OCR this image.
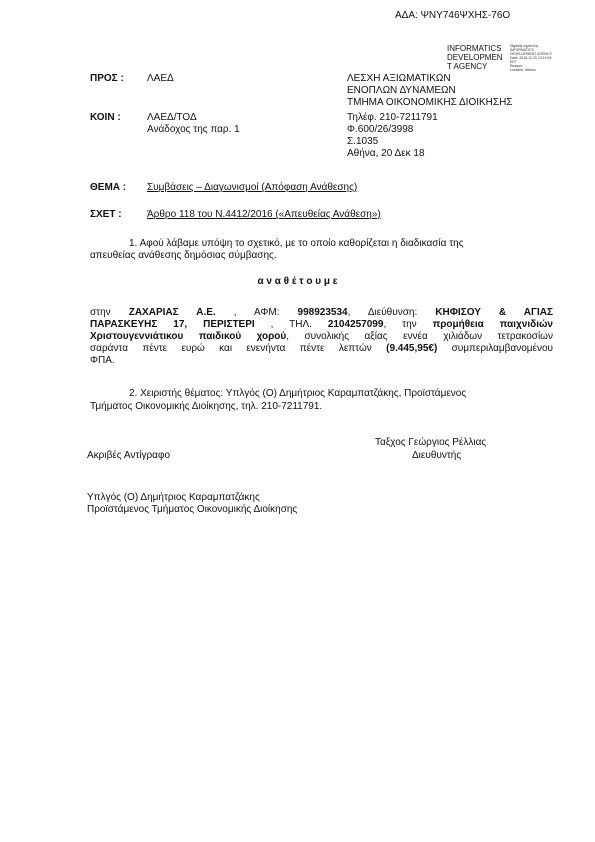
ΑΔΑ: ΨΝΥ746ΨΧΗΣ-76Ο
INFORMATICS
DEVELOPMEN
T AGENCY
Digitally signed by
INFORMATICS
DEVELOPMENT AGENCY
Date: 2018.12.20 13:19:39
EET
Reason:
Location: Athens
ΠΡΟΣ : ΛΑΕΔ	ΛΕΣΧΗ ΑΞΙΩΜΑΤΙΚΩΝ
ΕΝΟΠΛΩΝ ΔΥΝΑΜΕΩΝ
ΤΜΗΜΑ ΟΙΚΟΝΟΜΙΚΗΣ ΔΙΟΙΚΗΣΗΣ
ΚΟΙΝ :	ΛΑΕΔ/ΤΟΔ
Ανάδοχος της παρ. 1
Τηλέφ. 210-7211791
Φ.600/26/3998
Σ.1035
Αθήνα, 20 Δεκ 18
ΘΕΜΑ : Συμβάσεις – Διαγωνισμοί (Απόφαση Ανάθεσης)
ΣΧΕΤ :	Άρθρο 118 του Ν.4412/2016 («Απευθείας Ανάθεση»)
1. Αφού λάβαμε υπόψη το σχετικό, με το οποίο καθορίζεται η διαδικασία της
απευθείας ανάθεσης δημόσιας σύμβασης.
α ν α θ έ τ ο υ μ ε
στην ΖΑΧΑΡΙΑΣ Α.Ε. , ΑΦΜ: 998923534, Διεύθυνση: ΚΗΦΙΣΟΥ & ΑΓΙΑΣ
ΠΑΡΑΣΚΕΥΗΣ 17, ΠΕΡΙΣΤΕΡΙ , ΤΗΛ. 2104257099, την προμήθεια παιχνιδιών
Χριστουγεννιάτικου παιδικού χορού, συνολικής αξίας εννέα χιλιάδων τετρακοσίων
σαράντα πέντε ευρώ και ενενήντα πέντε λεπτών (9.445,95€) συμπεριλαμβανομένου
ΦΠΑ.
2. Χειριστής θέματος: Υπλγός (Ο) Δημήτριος Καραμπατζάκης, Προϊστάμενος
Τμήματος Οικονομικής Διοίκησης, τηλ. 210-7211791.
Ταξχος Γεώργιος Ρέλλιας
Διευθυντής
Ακριβές Αντίγραφο
Υπλγός (Ο) Δημήτριος Καραμπατζάκης
Προϊστάμενος Τμήματος Οικονομικής Διοίκησης
